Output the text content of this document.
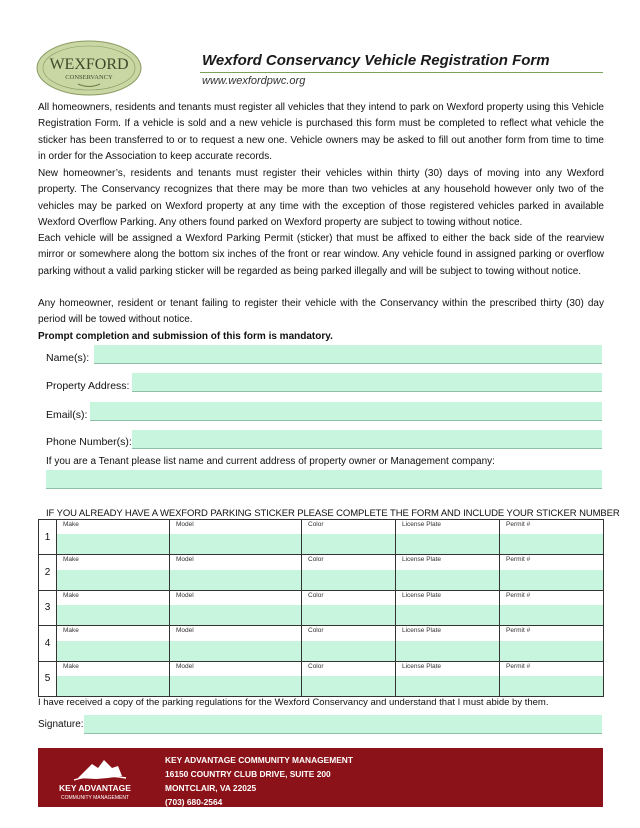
WEXFORD
CONSERVANCY
Wexford Conservancy Vehicle Registration Form
www.wexfordpwc.org
All homeowners, residents and tenants must register all vehicles that they intend to park on Wexford property using this Vehicle Registration Form. If a vehicle is sold and a new vehicle is purchased this form must be completed to reflect what vehicle the sticker has been transferred to or to request a new one. Vehicle owners may be asked to fill out another form from time to time in order for the Association to keep accurate records.
New homeowner’s, residents and tenants must register their vehicles within thirty (30) days of moving into any Wexford property. The Conservancy recognizes that there may be more than two vehicles at any household however only two of the vehicles may be parked on Wexford property at any time with the exception of those registered vehicles parked in available Wexford Overflow Parking. Any others found parked on Wexford property are subject to towing without notice.
Each vehicle will be assigned a Wexford Parking Permit (sticker) that must be affixed to either the back side of the rearview mirror or somewhere along the bottom six inches of the front or rear window. Any vehicle found in assigned parking or overflow parking without a valid parking sticker will be regarded as being parked illegally and will be subject to towing without notice.
Any homeowner, resident or tenant failing to register their vehicle with the Conservancy within the prescribed thirty (30) day period will be towed without notice.
Prompt completion and submission of this form is mandatory.
Name(s):
Property Address:
Email(s):
Phone Number(s):
If you are a Tenant please list name and current address of property owner or Management company:
IF YOU ALREADY HAVE A WEXFORD PARKING STICKER PLEASE COMPLETE THE FORM AND INCLUDE YOUR STICKER NUMBER
1	Make	Model	Color	License Plate	Permit #

2	Make	Model	Color	License Plate	Permit #

3	Make	Model	Color	License Plate	Permit #

4	Make	Model	Color	License Plate	Permit #

5	Make	Model	Color	License Plate	Permit #
I have received a copy of the parking regulations for the Wexford Conservancy and understand that I must abide by them.
Signature:
KEY ADVANTAGE
COMMUNITY MANAGEMENT
KEY ADVANTAGE COMMUNITY MANAGEMENT
16150 COUNTRY CLUB DRIVE, SUITE 200
MONTCLAIR, VA 22025
(703) 680-2564
